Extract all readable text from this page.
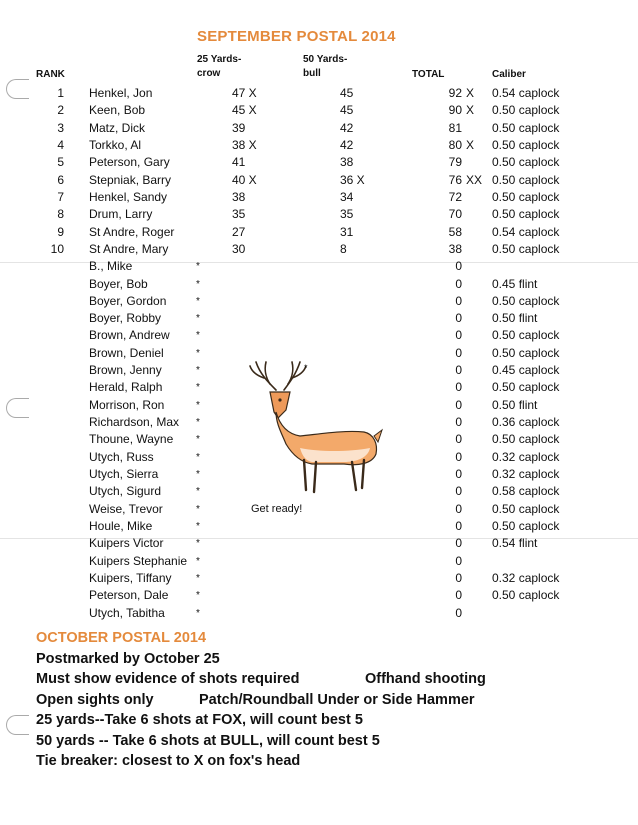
SEPTEMBER POSTAL 2014
RANK
25 Yards-
crow
50 Yards-
bull	TOTAL	Caliber
1 Henkel, Jon	47 X	45	92 X 0.54 caplock
2 Keen, Bob	45 X	45	90 X 0.50 caplock
3 Matz, Dick	39	42	81	0.50 caplock
4 Torkko, Al	38 X	42	80 X 0.50 caplock
5 Peterson, Gary	41	38	79	0.50 caplock
6 Stepniak, Barry	40 X	36 X	76 XX 0.50 caplock
7 Henkel, Sandy	38	34	72	0.50 caplock
8 Drum, Larry	35	35	70	0.50 caplock
9 St Andre, Roger	27	31	58	0.54 caplock
10 St Andre, Mary	30	8	38	0.50 caplock
B., Mike	*	0
Boyer, Bob	*	0	0.45 flint
Boyer, Gordon	*	0	0.50 caplock
Boyer, Robby	*	0	0.50 flint
Brown, Andrew	*	0	0.50 caplock
Brown, Deniel	*	0	0.50 caplock
Brown, Jenny	*	0	0.45 caplock
Herald, Ralph	*	0	0.50 caplock
Morrison, Ron	*	0	0.50 flint
Richardson, Max	*	0	0.36 caplock
Thoune, Wayne	*	0	0.50 caplock
Utych, Russ	*	0	0.32 caplock
Utych, Sierra	*	0	0.32 caplock
Utych, Sigurd	*	0	0.58 caplock
Weise, Trevor	*	0	0.50 caplock
Houle, Mike	*	0	0.50 caplock
Kuipers Victor	*	0	0.54 flint
Kuipers Stephanie *	0
Kuipers, Tiffany	*	0	0.32 caplock
Peterson, Dale	*	0	0.50 caplock
Utych, Tabitha	*	0
*
Get ready!
OCTOBER POSTAL 2014
Postmarked by October 25
Must show evidence of shots required	Offhand shooting
Open sights only	Patch/Roundball Under or Side Hammer
25 yards--Take 6 shots at FOX, will count best 5
50 yards -- Take 6 shots at BULL, will count best 5
Tie breaker: closest to X on fox's head
